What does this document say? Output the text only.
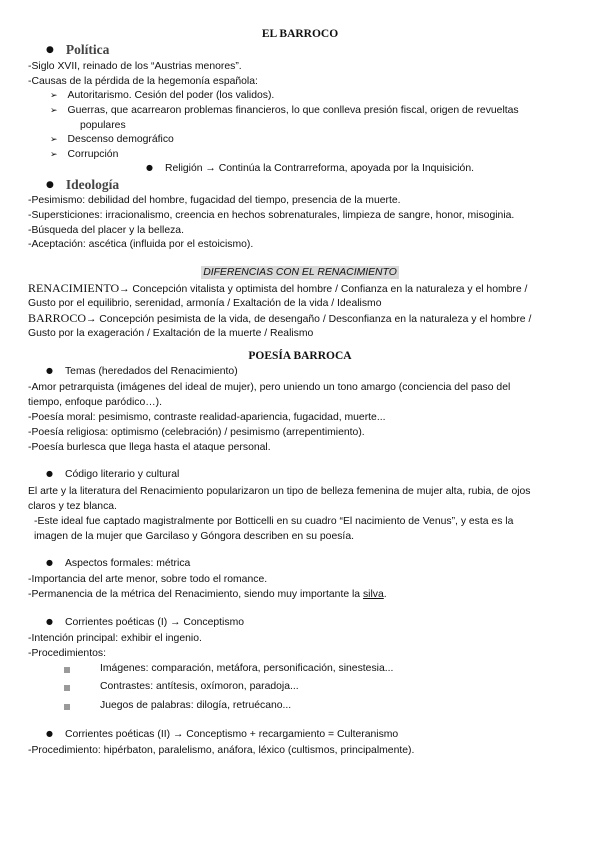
EL BARROCO
● Política
-Siglo XVII, reinado de los “Austrias menores”.
-Causas de la pérdida de la hegemonía española:
➢ Autoritarismo. Cesión del poder (los validos).
➢ Guerras, que acarrearon problemas financieros, lo que conlleva presión fiscal, origen de revueltas
populares
➢ Descenso demográfico
➢ Corrupción
● Religión → Continúa la Contrarreforma, apoyada por la Inquisición.
● Ideología
-Pesimismo: debilidad del hombre, fugacidad del tiempo, presencia de la muerte.
-Supersticiones: irracionalismo, creencia en hechos sobrenaturales, limpieza de sangre, honor, misoginia.
-Búsqueda del placer y la belleza.
-Aceptación: ascética (influida por el estoicismo).
DIFERENCIAS CON EL RENACIMIENTO
RENACIMIENTO→ Concepción vitalista y optimista del hombre / Confianza en la naturaleza y el hombre /
Gusto por el equilibrio, serenidad, armonía / Exaltación de la vida / Idealismo
BARROCO→ Concepción pesimista de la vida, de desengaño / Desconfianza en la naturaleza y el hombre /
Gusto por la exageración / Exaltación de la muerte / Realismo
POESÍA BARROCA
● Temas (heredados del Renacimiento)
-Amor petrarquista (imágenes del ideal de mujer), pero uniendo un tono amargo (conciencia del paso del
tiempo, enfoque paródico…).
-Poesía moral: pesimismo, contraste realidad-apariencia, fugacidad, muerte...
-Poesía religiosa: optimismo (celebración) / pesimismo (arrepentimiento).
-Poesía burlesca que llega hasta el ataque personal.
● Código literario y cultural
El arte y la literatura del Renacimiento popularizaron un tipo de belleza femenina de mujer alta, rubia, de ojos
claros y tez blanca.
-Este ideal fue captado magistralmente por Botticelli en su cuadro “El nacimiento de Venus”, y esta es la
imagen de la mujer que Garcilaso y Góngora describen en su poesía.
● Aspectos formales: métrica
-Importancia del arte menor, sobre todo el romance.
-Permanencia de la métrica del Renacimiento, siendo muy importante la silva.
● Corrientes poéticas (I) → Conceptismo
-Intención principal: exhibir el ingenio.
-Procedimientos:
Imágenes: comparación, metáfora, personificación, sinestesia...
Contrastes: antítesis, oxímoron, paradoja...
Juegos de palabras: dilogía, retruécano...
● Corrientes poéticas (II) → Conceptismo + recargamiento = Culteranismo
-Procedimiento: hipérbaton, paralelismo, anáfora, léxico (cultismos, principalmente).
